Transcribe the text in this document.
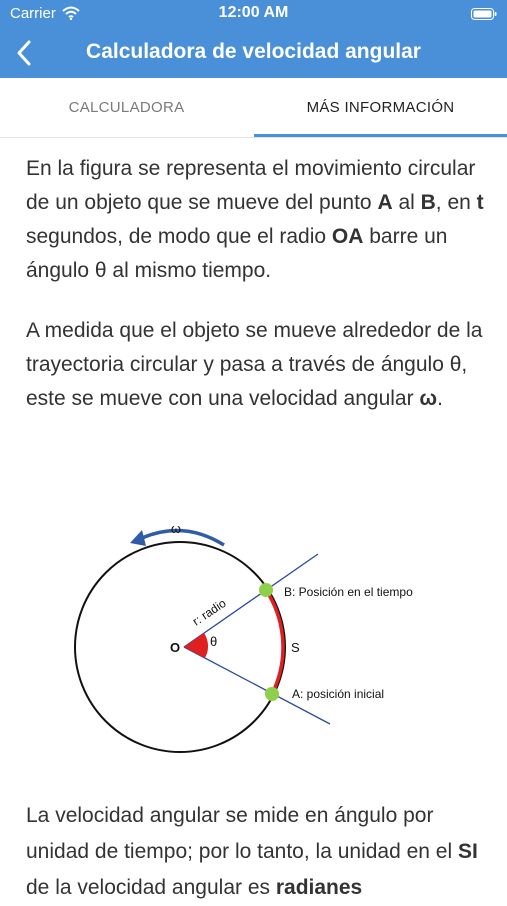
Carrier	12:00 AM
Calculadora de velocidad angular
CALCULADORA	MÁS INFORMACIÓN

En la figura se representa el movimiento circular de un objeto que se mueve del punto A al B, en t segundos, de modo que el radio OA barre un ángulo θ al mismo tiempo.

A medida que el objeto se mueve alrededor de la trayectoria circular y pasa a través de ángulo θ, este se mueve con una velocidad angular ω.

ω
r: radio
O θ	S
B: Posición en el tiempo
A: posición inicial

La velocidad angular se mide en ángulo por unidad de tiempo; por lo tanto, la unidad en el SI de la velocidad angular es radianes
